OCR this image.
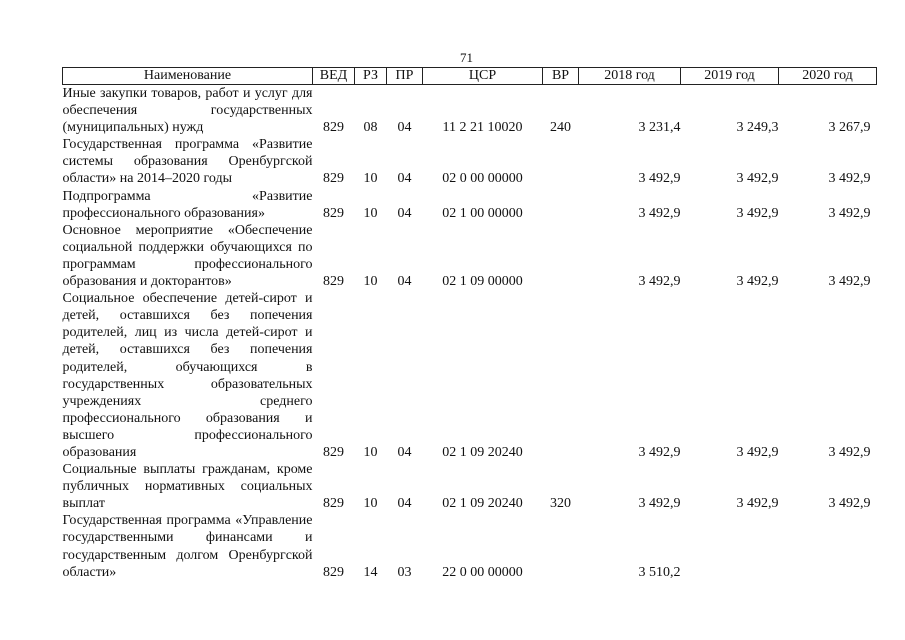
71
Наименование	ВЕД	РЗ	ПР	ЦСР	ВР	2018 год	2019 год	2020 год
Иные закупки товаров, работ и услуг для обеспечения государственных (муниципальных) нужд	829	08	04	11 2 21 10020	240	3 231,4	3 249,3	3 267,9
Государственная программа «Развитие системы образования Оренбургской области» на 2014–2020 годы	829	10	04	02 0 00 00000		3 492,9	3 492,9	3 492,9
Подпрограмма «Развитие профессионального образования»	829	10	04	02 1 00 00000		3 492,9	3 492,9	3 492,9
Основное мероприятие «Обеспечение социальной поддержки обучающихся по программам профессионального образования и докторантов»	829	10	04	02 1 09 00000		3 492,9	3 492,9	3 492,9
Социальное обеспечение детей-сирот и детей, оставшихся без попечения родителей, лиц из числа детей-сирот и детей, оставшихся без попечения родителей, обучающихся в государственных образовательных учреждениях среднего профессионального образования и высшего профессионального образования	829	10	04	02 1 09 20240		3 492,9	3 492,9	3 492,9
Социальные выплаты гражданам, кроме публичных нормативных социальных выплат	829	10	04	02 1 09 20240	320	3 492,9	3 492,9	3 492,9
Государственная программа «Управление государственными финансами и государственным долгом Оренбургской области»	829	14	03	22 0 00 00000		3 510,2		
